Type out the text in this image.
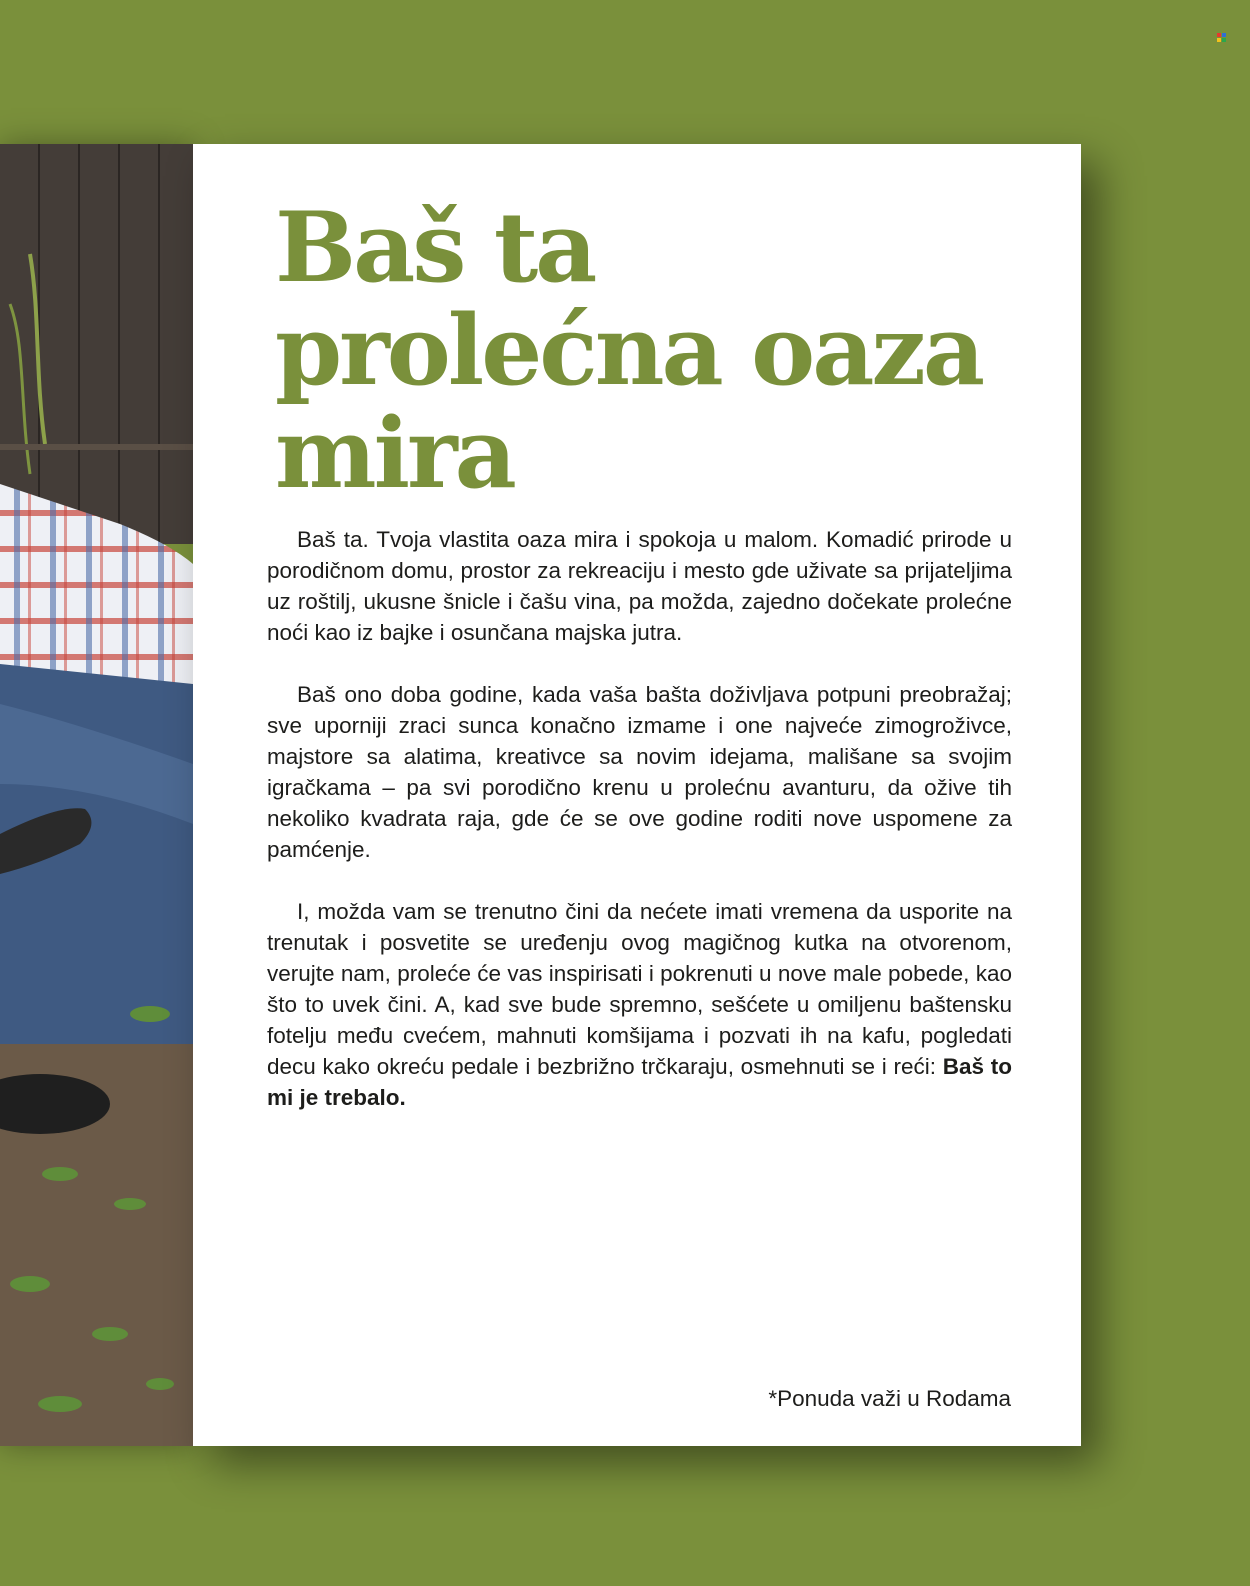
Baš ta prolećna oaza mira

Baš ta. Tvoja vlastita oaza mira i spokoja u malom. Komadić prirode u porodičnom domu, prostor za rekreaciju i mesto gde uživate sa prijateljima uz roštilj, ukusne šnicle i čašu vina, pa možda, zajedno dočekate prolećne noći kao iz bajke i osunčana majska jutra.

Baš ono doba godine, kada vaša bašta doživljava potpuni preobražaj; sve uporniji zraci sunca konačno izmame i one najveće zimogroživce, majstore sa alatima, kreativce sa novim idejama, mališane sa svojim igračkama – pa svi porodično krenu u prolećnu avanturu, da ožive tih nekoliko kvadrata raja, gde će se ove godine roditi nove uspomene za pamćenje.

I, možda vam se trenutno čini da nećete imati vremena da usporite na trenutak i posvetite se uređenju ovog magičnog kutka na otvorenom, verujte nam, proleće će vas inspirisati i pokrenuti u nove male pobede, kao što to uvek čini. A, kad sve bude spremno, sešćete u omiljenu baštensku fotelju među cvećem, mahnuti komšijama i pozvati ih na kafu, pogledati decu kako okreću pedale i bezbrižno trčkaraju, osmehnuti se i reći: Baš to mi je trebalo.

*Ponuda važi u Rodama
